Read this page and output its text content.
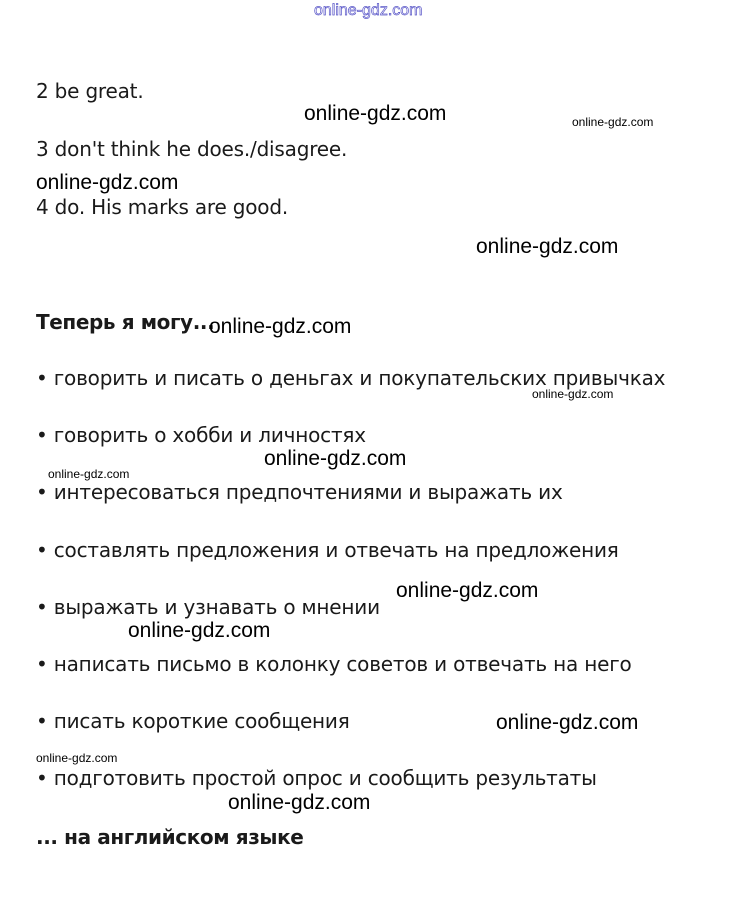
online-gdz.com
2 be great.
3 don't think he does./disagree.
4 do. His marks are good.
Теперь я могу...
• говорить и писать о деньгах и покупательских привычках
• говорить о хобби и личностях
• интересоваться предпочтениями и выражать их
• составлять предложения и отвечать на предложения
• выражать и узнавать о мнении
• написать письмо в колонку советов и отвечать на него
• писать короткие сообщения
• подготовить простой опрос и сообщить результаты
... на английском языке
online-gdz.com	online-gdz.com
online-gdz.com
online-gdz.com
online-gdz.com
online-gdz.com
online-gdz.com
online-gdz.com
online-gdz.com
online-gdz.com
online-gdz.com
online-gdz.com
online-gdz.com
